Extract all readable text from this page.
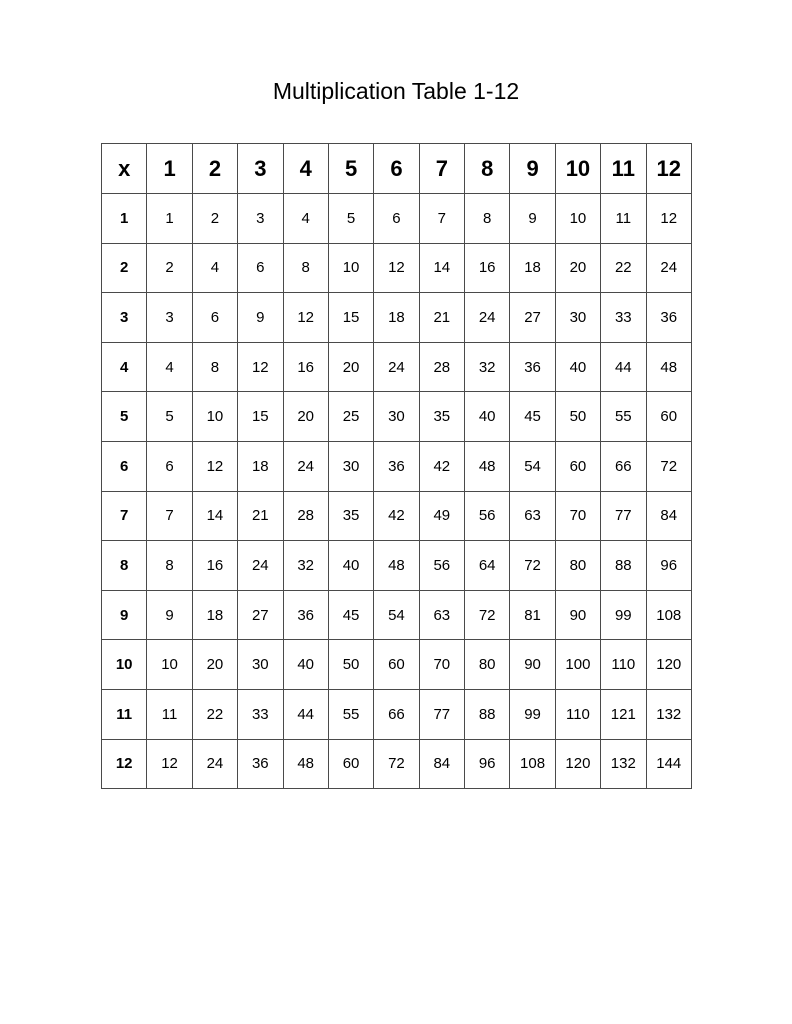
Multiplication Table 1-12
x	1	2	3	4	5	6	7	8	9	10	11	12
1	1	2	3	4	5	6	7	8	9	10	11	12
2	2	4	6	8	10	12	14	16	18	20	22	24
3	3	6	9	12	15	18	21	24	27	30	33	36
4	4	8	12	16	20	24	28	32	36	40	44	48
5	5	10	15	20	25	30	35	40	45	50	55	60
6	6	12	18	24	30	36	42	48	54	60	66	72
7	7	14	21	28	35	42	49	56	63	70	77	84
8	8	16	24	32	40	48	56	64	72	80	88	96
9	9	18	27	36	45	54	63	72	81	90	99	108
10	10	20	30	40	50	60	70	80	90	100	110	120
11	11	22	33	44	55	66	77	88	99	110	121	132
12	12	24	36	48	60	72	84	96	108	120	132	144
